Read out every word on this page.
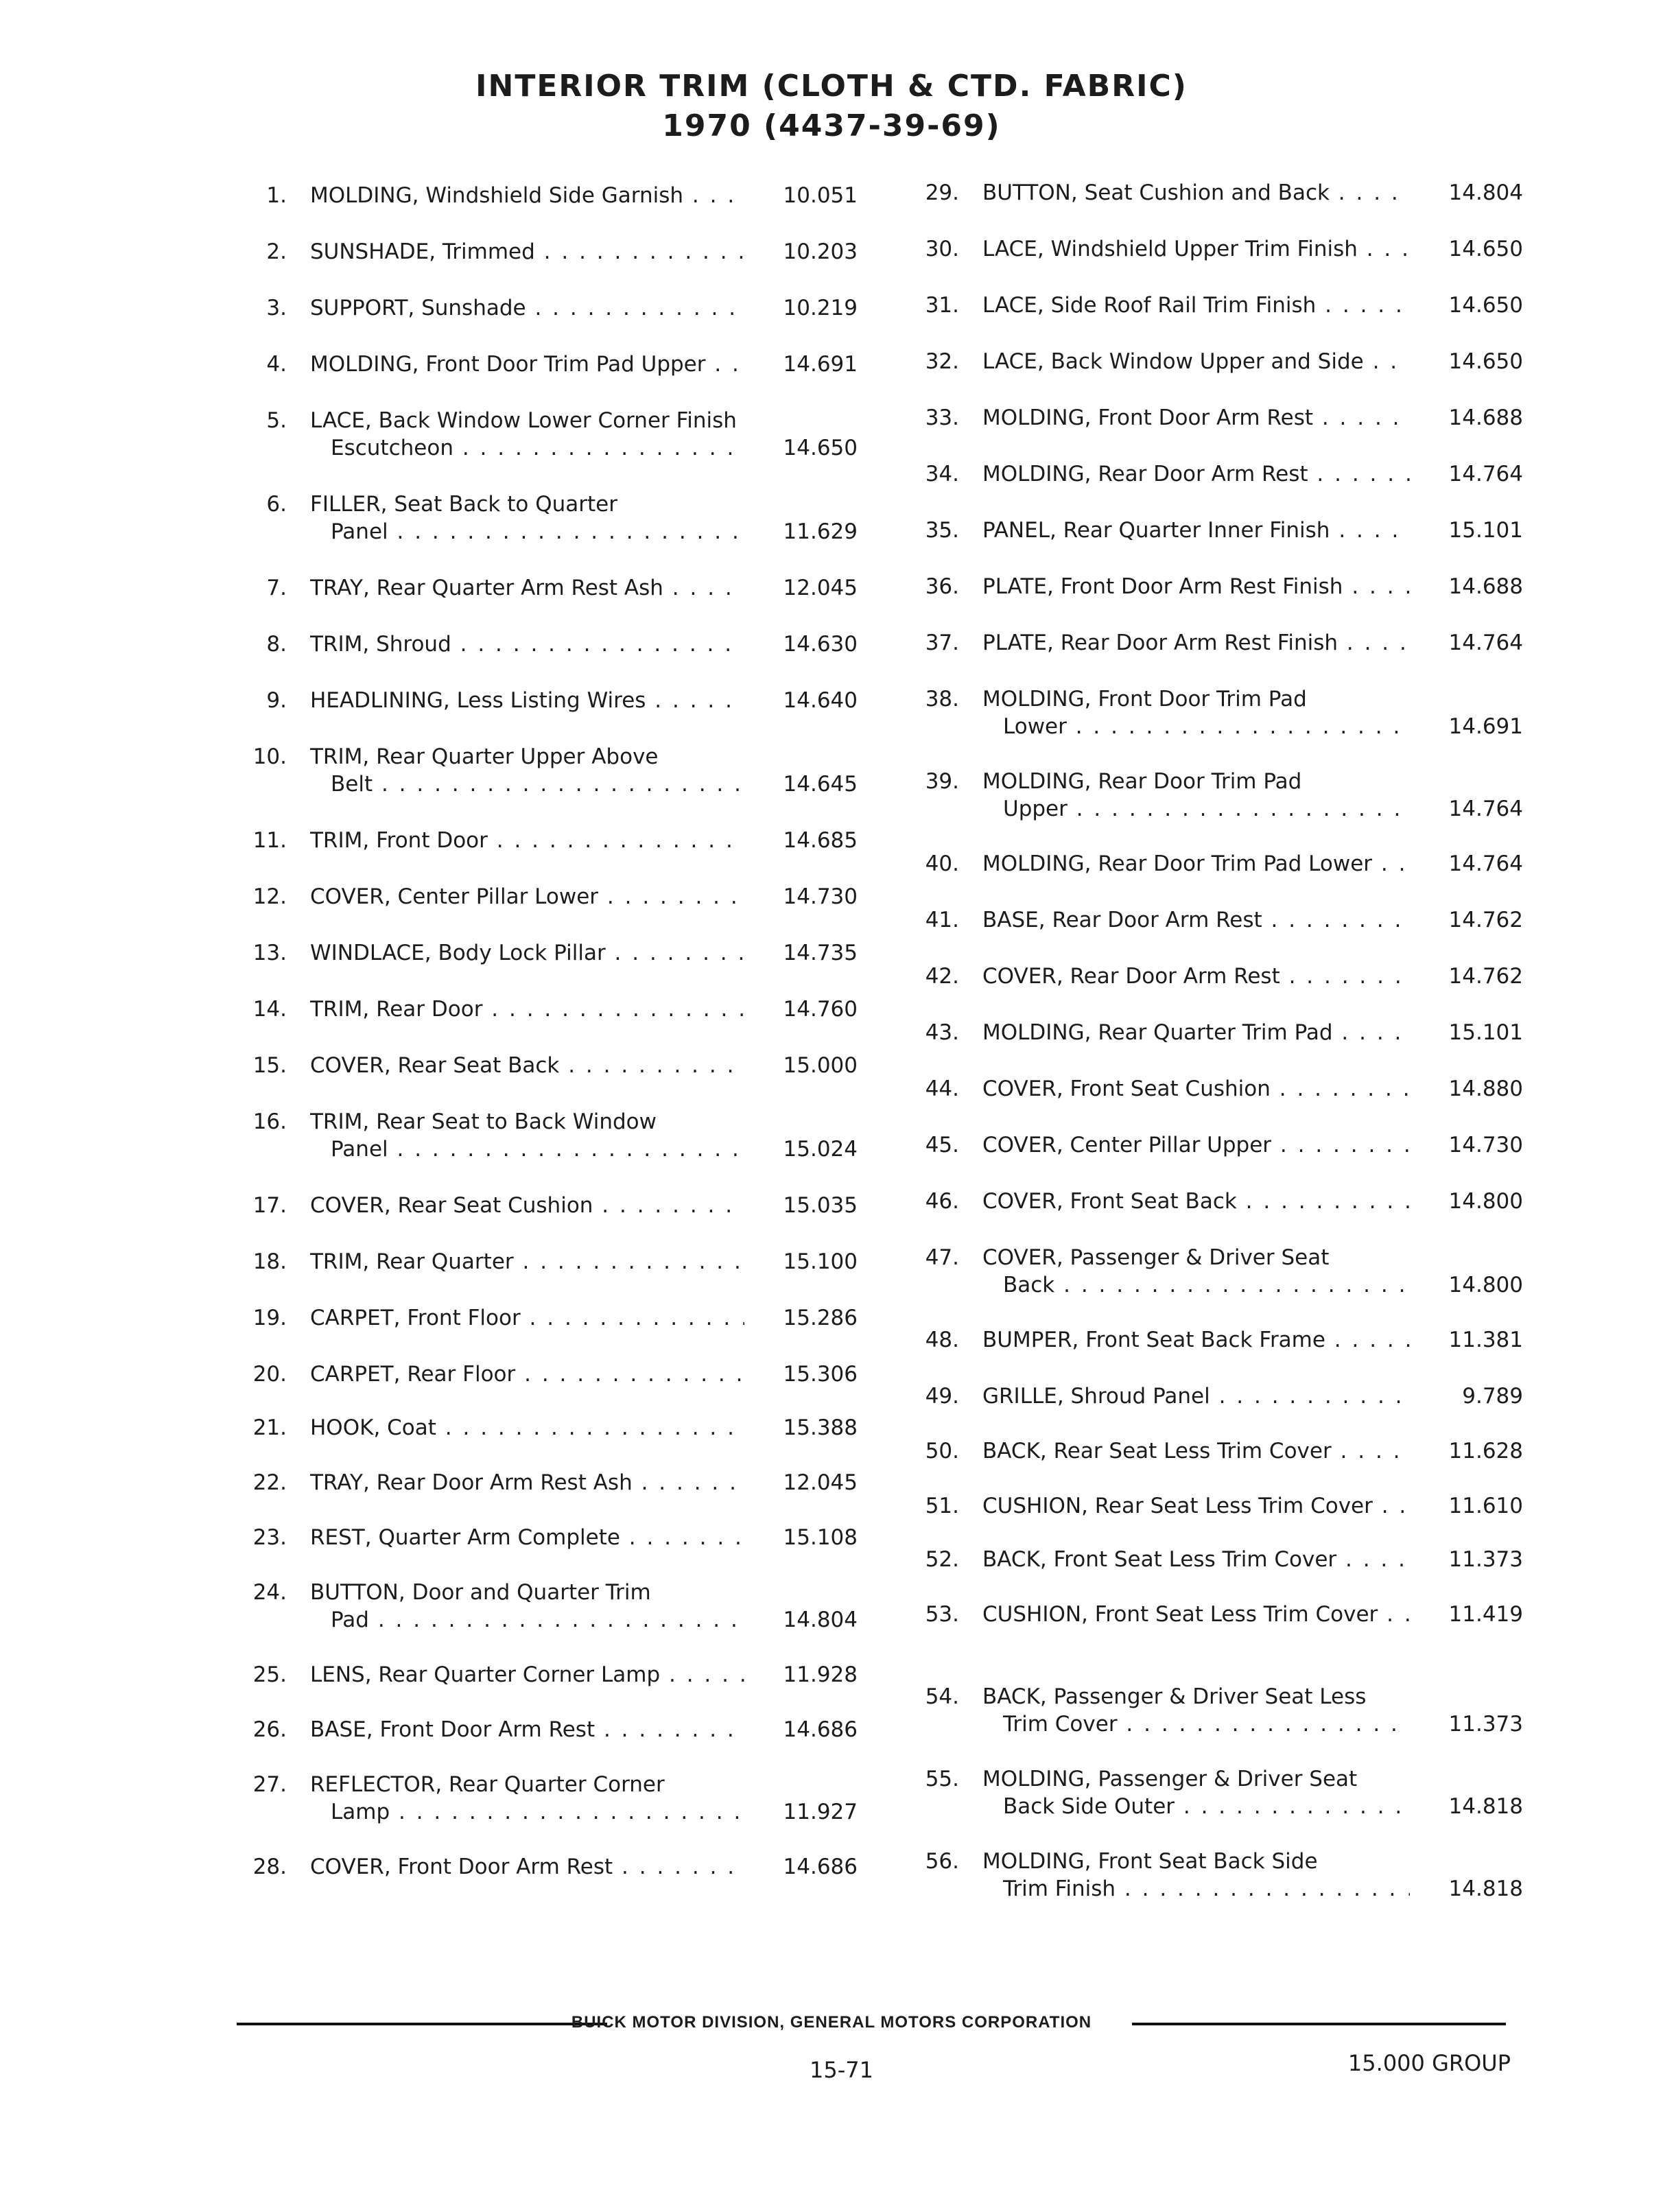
INTERIOR TRIM (CLOTH & CTD. FABRIC)
1970 (4437-39-69)
1. MOLDING, Windshield Side Garnish . . .	10.051
2. SUNSHADE, Trimmed . . .	10.203
3. SUPPORT, Sunshade . . .	10.219
4. MOLDING, Front Door Trim Pad Upper . . .	14.691
5. LACE, Back Window Lower Corner Finish
Escutcheon . . .	14.650
6. FILLER, Seat Back to Quarter
Panel . . .	11.629
7. TRAY, Rear Quarter Arm Rest Ash . . .	12.045
8. TRIM, Shroud . . .	14.630
9. HEADLINING, Less Listing Wires . . .	14.640
10. TRIM, Rear Quarter Upper Above
Belt . . .	14.645
11. TRIM, Front Door . . .	14.685
12. COVER, Center Pillar Lower . . .	14.730
13. WINDLACE, Body Lock Pillar . . .	14.735
14. TRIM, Rear Door . . .	14.760
15. COVER, Rear Seat Back . . .	15.000
16. TRIM, Rear Seat to Back Window
Panel . . .	15.024
17. COVER, Rear Seat Cushion . . .	15.035
18. TRIM, Rear Quarter . . .	15.100
19. CARPET, Front Floor . . .	15.286
20. CARPET, Rear Floor . . .	15.306
21. HOOK, Coat . . .	15.388
22. TRAY, Rear Door Arm Rest Ash . . .	12.045
23. REST, Quarter Arm Complete . . .	15.108
24. BUTTON, Door and Quarter Trim
Pad . . .	14.804
25. LENS, Rear Quarter Corner Lamp . . .	11.928
26. BASE, Front Door Arm Rest . . .	14.686
27. REFLECTOR, Rear Quarter Corner
Lamp . . .	11.927
28. COVER, Front Door Arm Rest . . .	14.686
29. BUTTON, Seat Cushion and Back . . .	14.804
30. LACE, Windshield Upper Trim Finish . . .	14.650
31. LACE, Side Roof Rail Trim Finish . . .	14.650
32. LACE, Back Window Upper and Side . . .	14.650
33. MOLDING, Front Door Arm Rest . . .	14.688
34. MOLDING, Rear Door Arm Rest . . .	14.764
35. PANEL, Rear Quarter Inner Finish . . .	15.101
36. PLATE, Front Door Arm Rest Finish . . .	14.688
37. PLATE, Rear Door Arm Rest Finish . . .	14.764
38. MOLDING, Front Door Trim Pad
Lower . . .	14.691
39. MOLDING, Rear Door Trim Pad
Upper . . .	14.764
40. MOLDING, Rear Door Trim Pad Lower . . .	14.764
41. BASE, Rear Door Arm Rest . . .	14.762
42. COVER, Rear Door Arm Rest . . .	14.762
43. MOLDING, Rear Quarter Trim Pad . . .	15.101
44. COVER, Front Seat Cushion . . .	14.880
45. COVER, Center Pillar Upper . . .	14.730
46. COVER, Front Seat Back . . .	14.800
47. COVER, Passenger & Driver Seat
Back . . .	14.800
48. BUMPER, Front Seat Back Frame . . .	11.381
49. GRILLE, Shroud Panel . . .	9.789
50. BACK, Rear Seat Less Trim Cover . . .	11.628
51. CUSHION, Rear Seat Less Trim Cover . . .	11.610
52. BACK, Front Seat Less Trim Cover . . .	11.373
53. CUSHION, Front Seat Less Trim Cover . . .	11.419
54. BACK, Passenger & Driver Seat Less
Trim Cover . . .	11.373
55. MOLDING, Passenger & Driver Seat
Back Side Outer . . .	14.818
56. MOLDING, Front Seat Back Side
Trim Finish . . .	14.818
BUICK MOTOR DIVISION, GENERAL MOTORS CORPORATION
15-71	15.000 GROUP
